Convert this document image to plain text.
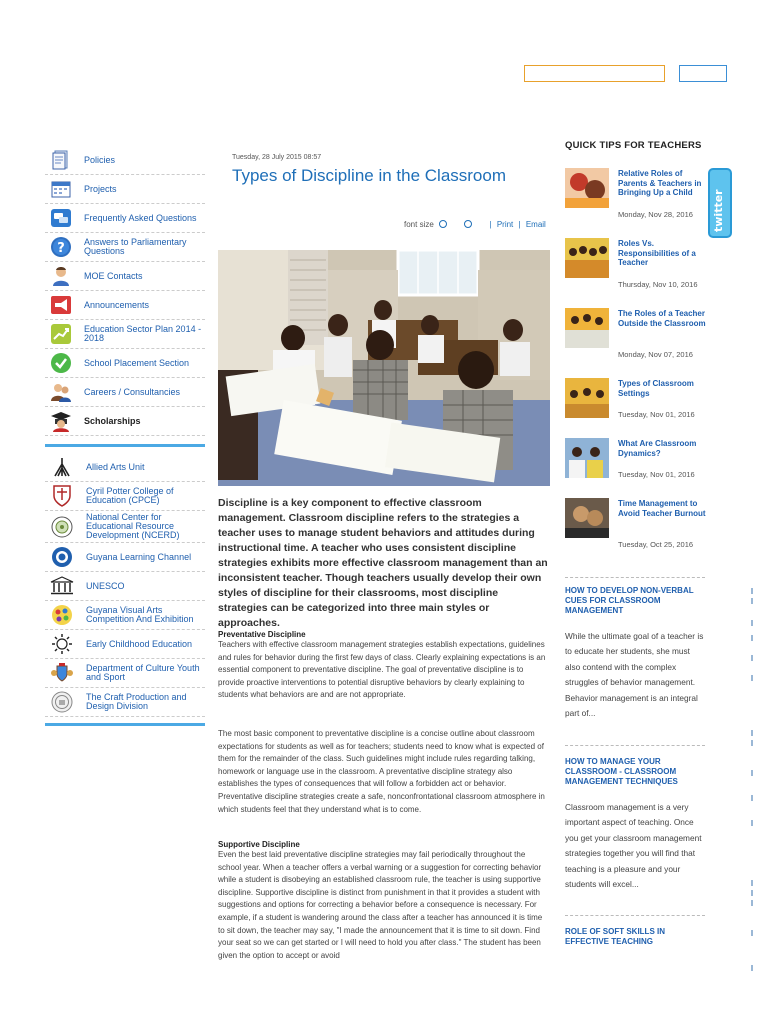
Policies
Projects
Frequently Asked Questions
? Answers to Parliamentary Questions
MOE Contacts
Announcements
Education Sector Plan 2014 - 2018
School Placement Section
Careers / Consultancies
Scholarships
Allied Arts Unit
Cyril Potter College of Education (CPCE)
National Center for Educational Resource Development (NCERD)
Guyana Learning Channel
UNESCO
Guyana Visual Arts Competition And Exhibition
Early Childhood Education
Department of Culture Youth and Sport
The Craft Production and Design Division
Tuesday, 28 July 2015 08:57
Types of Discipline in the Classroom
font size	| Print | Email
Discipline is a key component to effective classroom management. Classroom discipline refers to the strategies a teacher uses to manage student behaviors and attitudes during instructional time. A teacher who uses consistent discipline strategies exhibits more effective classroom management than an inconsistent teacher. Though teachers usually develop their own styles of discipline for their classrooms, most discipline strategies can be categorized into three main styles or approaches.
Preventative Discipline
Teachers with effective classroom management strategies establish expectations, guidelines and rules for behavior during the first few days of class. Clearly explaining expectations is an essential component to preventative discipline. The goal of preventative discipline is to provide proactive interventions to potential disruptive behaviors by clearly explaining to students what behaviors are and are not appropriate.
The most basic component to preventative discipline is a concise outline about classroom expectations for students as well as for teachers; students need to know what is expected of them for the remainder of the class. Such guidelines might include rules regarding talking, homework or language use in the classroom. A preventative discipline strategy also establishes the types of consequences that will follow a forbidden act or behavior. Preventative discipline strategies create a safe, nonconfrontational classroom atmosphere in which students feel that they understand what is to come.
Supportive Discipline
Even the best laid preventative discipline strategies may fail periodically throughout the school year. When a teacher offers a verbal warning or a suggestion for correcting behavior while a student is disobeying an established classroom rule, the teacher is using supportive discipline. Supportive discipline is distinct from punishment in that it provides a student with suggestions and options for correcting a behavior before a consequence is necessary. For example, if a student is wandering around the class after a teacher has announced it is time to sit down, the teacher may say, "I made the announcement that it is time to sit down. Find your seat so we can get started or I will need to hold you after class." The student has been given the option to accept or avoid
twitter
QUICK TIPS FOR TEACHERS
Relative Roles of Parents & Teachers in Bringing Up a Child
Monday, Nov 28, 2016
Roles Vs. Responsibilities of a Teacher
Thursday, Nov 10, 2016
The Roles of a Teacher Outside the Classroom
Monday, Nov 07, 2016
Types of Classroom Settings
Tuesday, Nov 01, 2016
What Are Classroom Dynamics?
Tuesday, Nov 01, 2016
Time Management to Avoid Teacher Burnout
Tuesday, Oct 25, 2016
HOW TO DEVELOP NON-VERBAL CUES FOR CLASSROOM MANAGEMENT
While the ultimate goal of a teacher is to educate her students, she must also contend with the complex struggles of behavior management. Behavior management is an integral part of...
HOW TO MANAGE YOUR CLASSROOM - CLASSROOM MANAGEMENT TECHNIQUES
Classroom management is a very important aspect of teaching. Once you get your classroom management strategies together you will find that teaching is a pleasure and your students will excel...
ROLE OF SOFT SKILLS IN EFFECTIVE TEACHING
